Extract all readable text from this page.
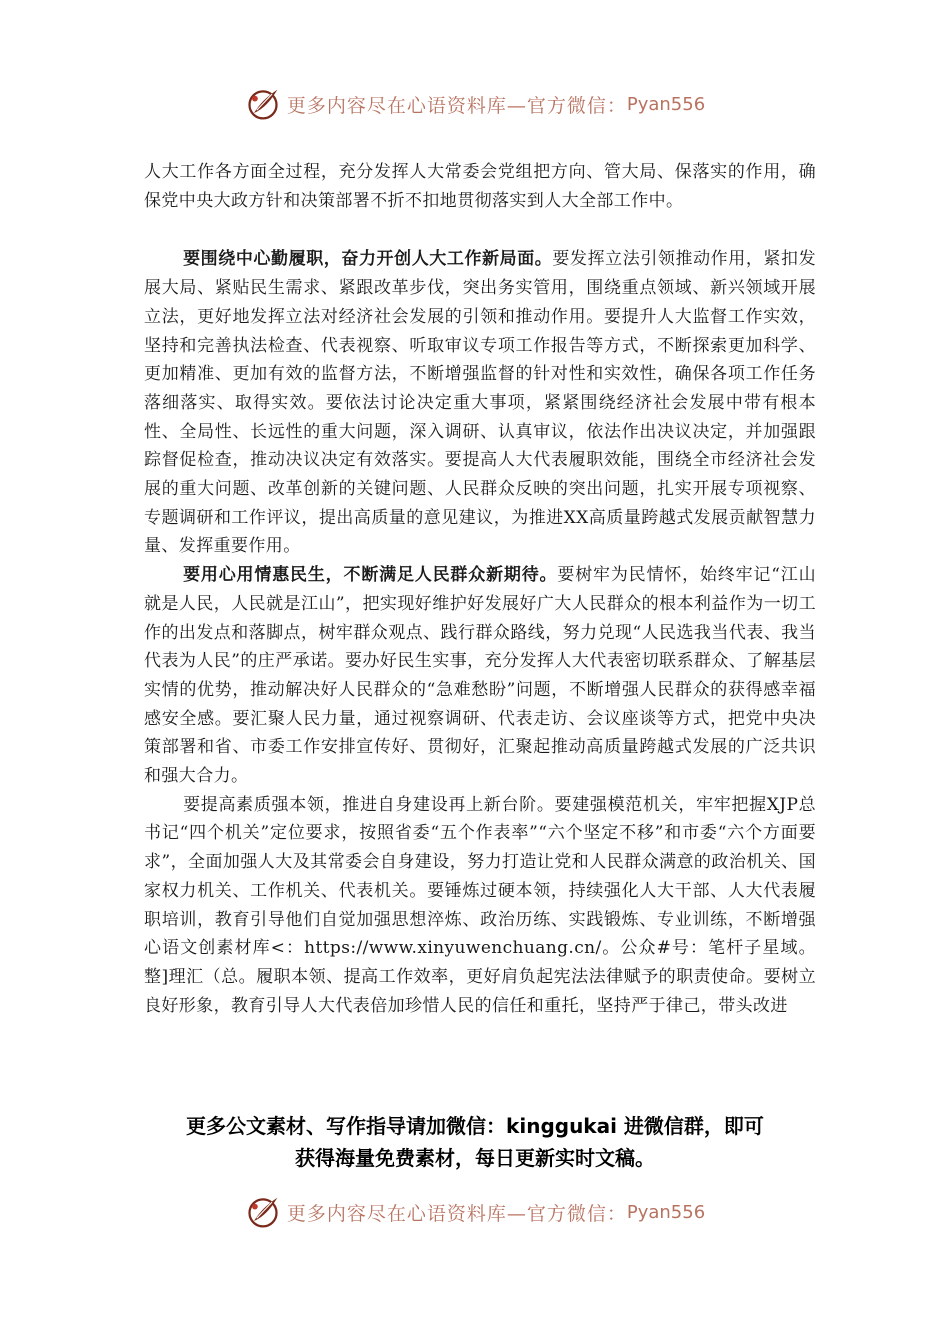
更多内容尽在心语资料库—官方微信： Pyan556

人大工作各方面全过程，充分发挥人大常委会党组把方向、管大局、保落实的作用，确保党中央大政方针和决策部署不折不扣地贯彻落实到人大全部工作中。

要围绕中心勤履职，奋力开创人大工作新局面。要发挥立法引领推动作用，紧扣发展大局、紧贴民生需求、紧跟改革步伐，突出务实管用，围绕重点领域、新兴领域开展立法，更好地发挥立法对经济社会发展的引领和推动作用。要提升人大监督工作实效，坚持和完善执法检查、代表视察、听取审议专项工作报告等方式，不断探索更加科学、更加精准、更加有效的监督方法，不断增强监督的针对性和实效性，确保各项工作任务落细落实、取得实效。要依法讨论决定重大事项，紧紧围绕经济社会发展中带有根本性、全局性、长远性的重大问题，深入调研、认真审议，依法作出决议决定，并加强跟踪督促检查，推动决议决定有效落实。要提高人大代表履职效能，围绕全市经济社会发展的重大问题、改革创新的关键问题、人民群众反映的突出问题，扎实开展专项视察、专题调研和工作评议，提出高质量的意见建议，为推进XX高质量跨越式发展贡献智慧力量、发挥重要作用。

要用心用情惠民生，不断满足人民群众新期待。要树牢为民情怀，始终牢记“江山就是人民，人民就是江山”，把实现好维护好发展好广大人民群众的根本利益作为一切工作的出发点和落脚点，树牢群众观点、践行群众路线，努力兑现“人民选我当代表、我当代表为人民”的庄严承诺。要办好民生实事，充分发挥人大代表密切联系群众、了解基层实情的优势，推动解决好人民群众的“急难愁盼”问题，不断增强人民群众的获得感幸福感安全感。要汇聚人民力量，通过视察调研、代表走访、会议座谈等方式，把党中央决策部署和省、市委工作安排宣传好、贯彻好，汇聚起推动高质量跨越式发展的广泛共识和强大合力。

要提高素质强本领，推进自身建设再上新台阶。要建强模范机关，牢牢把握XJP总书记“四个机关”定位要求，按照省委“五个作表率”“六个坚定不移”和市委“六个方面要求”，全面加强人大及其常委会自身建设，努力打造让党和人民群众满意的政治机关、国家权力机关、工作机关、代表机关。要锤炼过硬本领，持续强化人大干部、人大代表履职培训，教育引导他们自觉加强思想淬炼、政治历练、实践锻炼、专业训练，不断增强心语文创素材库<：https://www.xinyuwenchuang.cn/。公众#号：笔杆子星域。整]理汇（总。履职本领、提高工作效率，更好肩负起宪法法律赋予的职责使命。要树立良好形象，教育引导人大代表倍加珍惜人民的信任和重托，坚持严于律己，带头改进

更多公文素材、写作指导请加微信：kinggukai 进微信群，即可
获得海量免费素材，每日更新实时文稿。
更多内容尽在心语资料库—官方微信： Pyan556
